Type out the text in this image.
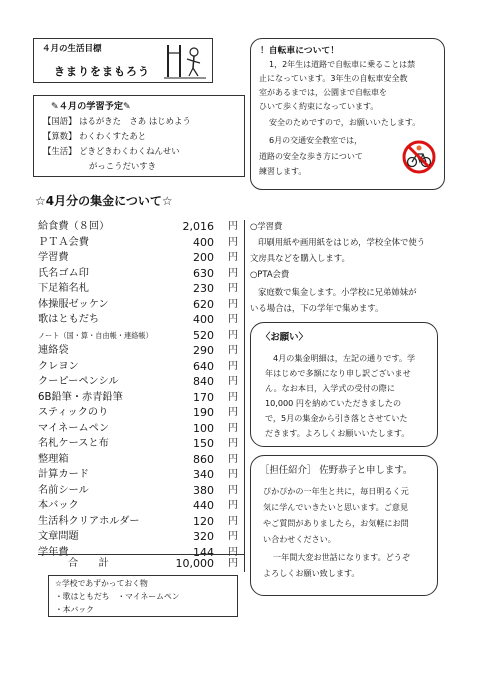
４月の生活目標
きまりをまもろう
✎４月の学習予定✎
【国語】 はるがきた　さあ はじめよう
【算数】 わくわくすたあと
【生活】 どきどきわくわくねんせい
がっこうだいすき
！自転車について！
1，2年生は道路で自転車に乗ることは禁
止になっています。3年生の自転車安全教
室があるまでは，公園まで自転車を
ひいて歩く約束になっています。
安全のためですので，お願いいたします。
6月の交通安全教室では，
道路の安全な歩き方について
練習します。
☆4月分の集金について☆
給食費（８回）	2,016 円
ＰＴＡ会費	400 円
学習費	200 円
氏名ゴム印	630 円
下足箱名札	230 円
体操服ゼッケン	620 円
歌はともだち	400 円
ノート（国・算・自由帳・連絡帳）	520 円
連絡袋	290 円
クレヨン	640 円
クーピーペンシル	840 円
6B鉛筆・赤青鉛筆	170 円
スティックのり	190 円
マイネームペン	100 円
名札ケースと布	150 円
整理箱	860 円
計算カード	340 円
名前シール	380 円
本バック	440 円
生活科クリアホルダー	120 円
文章問題	320 円
学年費	144 円
合　　計	10,000 円
○学習費
印刷用紙や画用紙をはじめ，学校全体で使う
文房具などを購入します。
○PTA会費
家庭数で集金します。小学校に兄弟姉妹が
いる場合は，下の学年で集めます。
〈お願い〉
4月の集金明細は，左記の通りです。学
年はじめで多額になり申し訳ございませ
ん。なお本日，入学式の受付の際に
10,000 円を納めていただきましたの
で，5月の集金から引き落とさせていた
だきます。よろしくお願いいたします。
［担任紹介］ 佐野恭子と申します。
ぴかぴかの一年生と共に，毎日明るく元
気に学んでいきたいと思います。ご意見
やご質問がありましたら，お気軽にお問
い合わせください。
一年間大変お世話になります。どうぞ
よろしくお願い致します。
☆学校であずかっておく物
・歌はともだち　・マイネームペン
・本バック
